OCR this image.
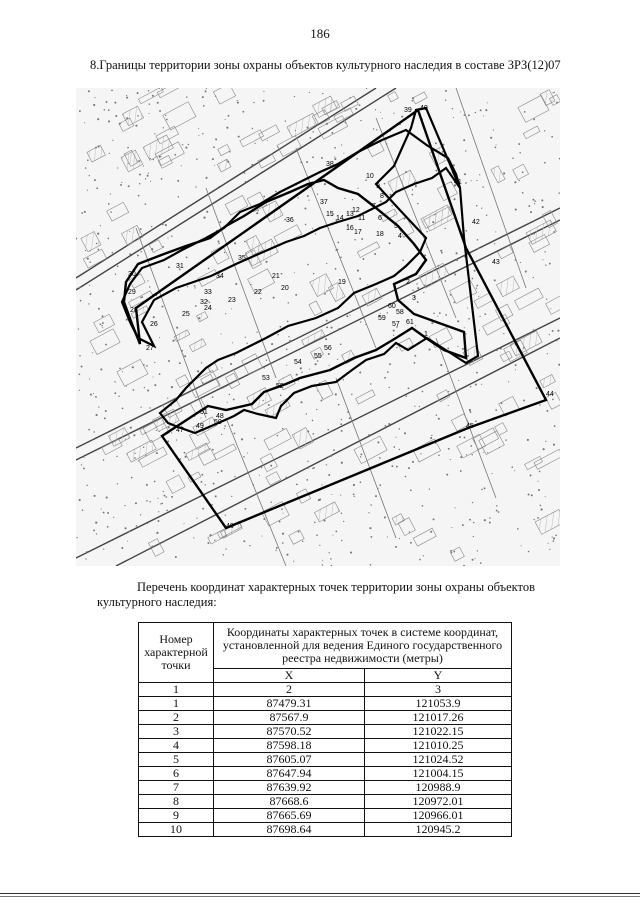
186
8.Границы территории зоны охраны объектов культурного наследия в составе ЗРЗ(12)07
1
2
3
4
5
6
7
8
9
10
11
12
13
14
15
16
17 18
19
20
21
22
23
24
25
26
27
28
29
30
31
32
33
34
35
36
37
38
39 40
41
42
43
44
45
46
47
48
49
50
51
52
53
54
55
56
57
58
59
60
61
Перечень координат характерных точек территории зоны охраны объектов
культурного наследия:
Номер характерной точки	Координаты характерных точек в системе координат, установленной для ведения Единого государственного реестра недвижимости (метры)	
	X	Y
1	2	3
1	87479.31	121053.9
2	87567.9	121017.26
3	87570.52	121022.15
4	87598.18	121010.25
5	87605.07	121024.52
6	87647.94	121004.15
7	87639.92	120988.9
8	87668.6	120972.01
9	87665.69	120966.01
10	87698.64	120945.2
